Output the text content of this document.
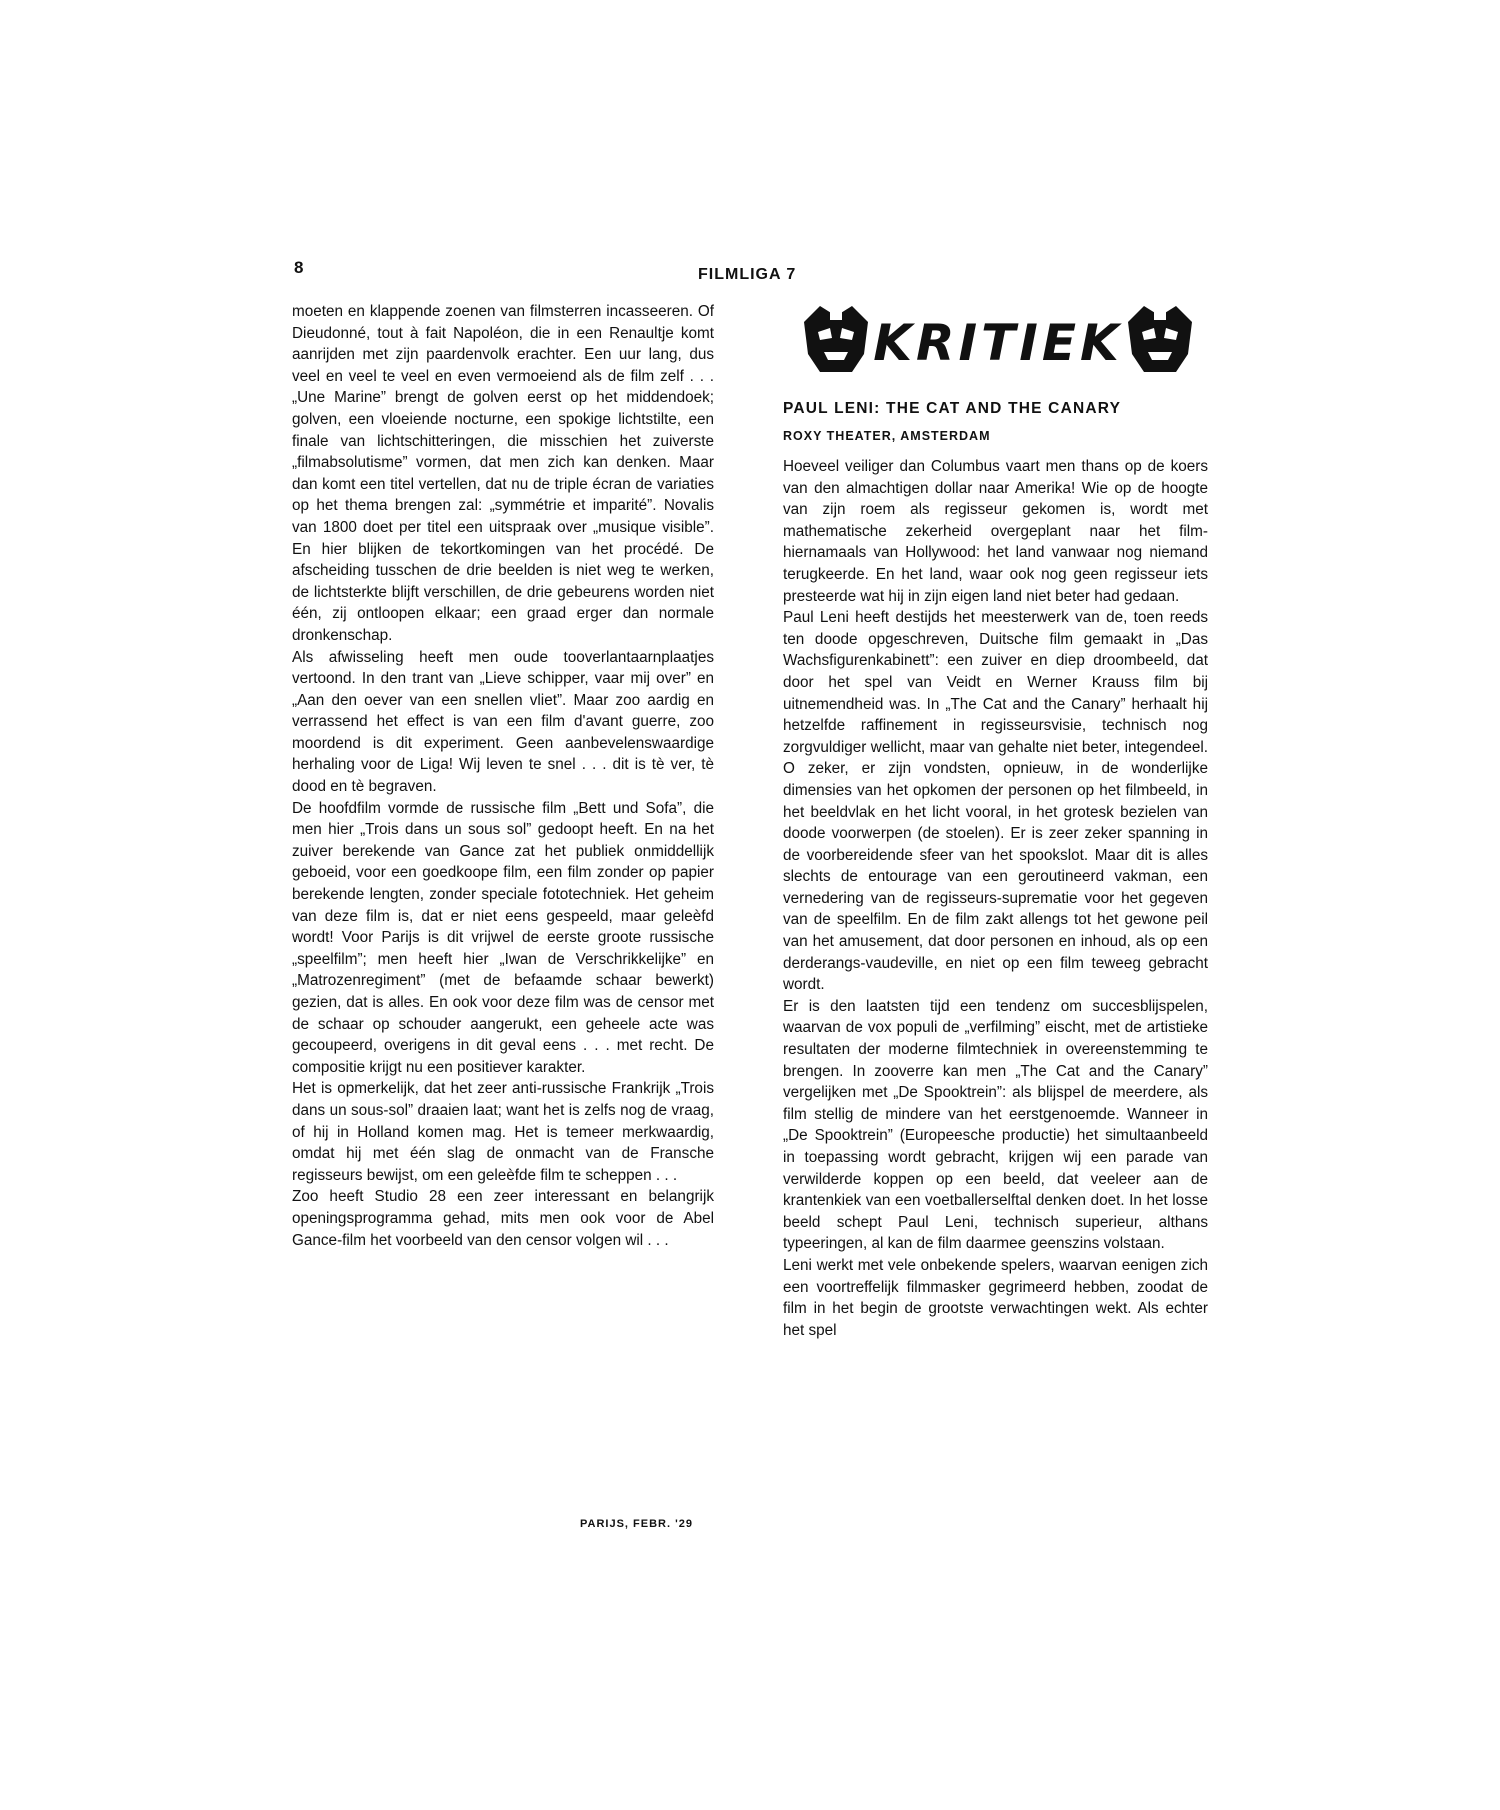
8	FILMLIGA 7

moeten en klappende zoenen van filmsterren incasseeren. Of Dieudonné, tout à fait Napoléon, die in een Renaultje komt aanrijden met zijn paardenvolk erachter. Een uur lang, dus veel en veel te veel en even vermoeiend als de film zelf . . . „Une Marine” brengt de golven eerst op het middendoek; golven, een vloeiende nocturne, een spokige lichtstilte, een finale van lichtschitteringen, die misschien het zuiverste „filmabsolutisme” vormen, dat men zich kan denken. Maar dan komt een titel vertellen, dat nu de triple écran de variaties op het thema brengen zal: „symmétrie et imparité”. Novalis van 1800 doet per titel een uitspraak over „musique visible”. En hier blijken de tekortkomingen van het procédé. De afscheiding tusschen de drie beelden is niet weg te werken, de lichtsterkte blijft verschillen, de drie gebeurens worden niet één, zij ontloopen elkaar; een graad erger dan normale dronkenschap.

Als afwisseling heeft men oude tooverlantaarnplaatjes vertoond. In den trant van „Lieve schipper, vaar mij over” en „Aan den oever van een snellen vliet”. Maar zoo aardig en verrassend het effect is van een film d'avant guerre, zoo moordend is dit experiment. Geen aanbevelenswaardige herhaling voor de Liga! Wij leven te snel . . . dit is tè ver, tè dood en tè begraven.

De hoofdfilm vormde de russische film „Bett und Sofa”, die men hier „Trois dans un sous sol” gedoopt heeft. En na het zuiver berekende van Gance zat het publiek onmiddellijk geboeid, voor een goedkoope film, een film zonder op papier berekende lengten, zonder speciale fototechniek. Het geheim van deze film is, dat er niet eens gespeeld, maar geleèfd wordt! Voor Parijs is dit vrijwel de eerste groote russische „speelfilm”; men heeft hier „Iwan de Verschrikkelijke” en „Matrozenregiment” (met de befaamde schaar bewerkt) gezien, dat is alles. En ook voor deze film was de censor met de schaar op schouder aangerukt, een geheele acte was gecoupeerd, overigens in dit geval eens . . . met recht. De compositie krijgt nu een positiever karakter.

Het is opmerkelijk, dat het zeer anti-russische Frankrijk „Trois dans un sous-sol” draaien laat; want het is zelfs nog de vraag, of hij in Holland komen mag. Het is temeer merkwaardig, omdat hij met één slag de onmacht van de Fransche regisseurs bewijst, om een geleèfde film te scheppen . . .

Zoo heeft Studio 28 een zeer interessant en belangrijk openingsprogramma gehad, mits men ook voor de Abel Gance-film het voorbeeld van den censor volgen wil . . .

PARIJS, FEBR. '29
KRITIEK
PAUL LENI: THE CAT AND THE CANARY
ROXY THEATER, AMSTERDAM

Hoeveel veiliger dan Columbus vaart men thans op de koers van den almachtigen dollar naar Amerika! Wie op de hoogte van zijn roem als regisseur gekomen is, wordt met mathematische zekerheid overgeplant naar het film-hiernamaals van Hollywood: het land vanwaar nog niemand terugkeerde. En het land, waar ook nog geen regisseur iets presteerde wat hij in zijn eigen land niet beter had gedaan.

Paul Leni heeft destijds het meesterwerk van de, toen reeds ten doode opgeschreven, Duitsche film gemaakt in „Das Wachsfigurenkabinett”: een zuiver en diep droombeeld, dat door het spel van Veidt en Werner Krauss film bij uitnemendheid was. In „The Cat and the Canary” herhaalt hij hetzelfde raffinement in regisseursvisie, technisch nog zorgvuldiger wellicht, maar van gehalte niet beter, integendeel. O zeker, er zijn vondsten, opnieuw, in de wonderlijke dimensies van het opkomen der personen op het filmbeeld, in het beeldvlak en het licht vooral, in het grotesk bezielen van doode voorwerpen (de stoelen). Er is zeer zeker spanning in de voorbereidende sfeer van het spookslot. Maar dit is alles slechts de entourage van een geroutineerd vakman, een vernedering van de regisseurs-suprematie voor het gegeven van de speelfilm. En de film zakt allengs tot het gewone peil van het amusement, dat door personen en inhoud, als op een derderangs-vaudeville, en niet op een film teweeg gebracht wordt.

Er is den laatsten tijd een tendenz om succesblijspelen, waarvan de vox populi de „verfilming” eischt, met de artistieke resultaten der moderne filmtechniek in overeenstemming te brengen. In zooverre kan men „The Cat and the Canary” vergelijken met „De Spooktrein”: als blijspel de meerdere, als film stellig de mindere van het eerstgenoemde. Wanneer in „De Spooktrein” (Europeesche productie) het simultaanbeeld in toepassing wordt gebracht, krijgen wij een parade van verwilderde koppen op een beeld, dat veeleer aan de krantenkiek van een voetballerselftal denken doet. In het losse beeld schept Paul Leni, technisch superieur, althans typeeringen, al kan de film daarmee geenszins volstaan.

Leni werkt met vele onbekende spelers, waarvan eenigen zich een voortreffelijk filmmasker gegrimeerd hebben, zoodat de film in het begin de grootste verwachtingen wekt. Als echter het spel
